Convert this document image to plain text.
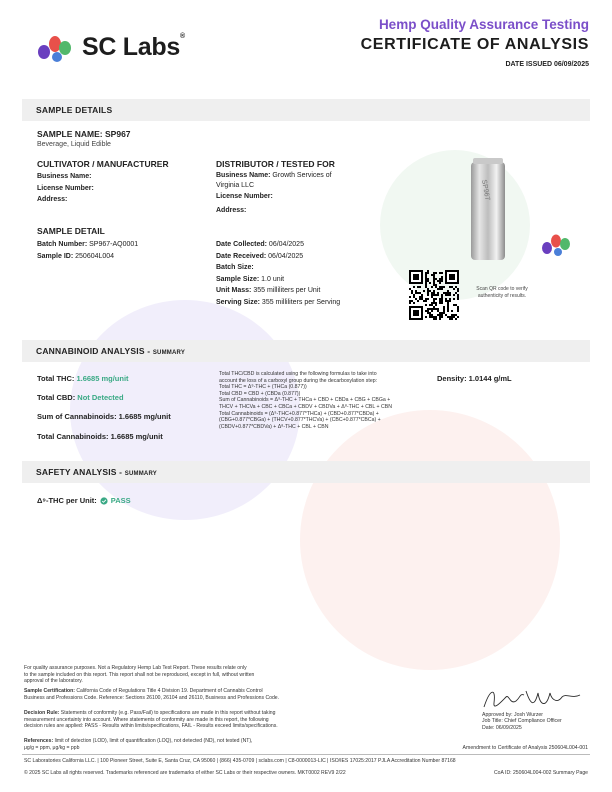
SC Labs®
Hemp Quality Assurance Testing
CERTIFICATE OF ANALYSIS
DATE ISSUED 06/09/2025
SAMPLE DETAILS
SAMPLE NAME: SP967
Beverage, Liquid Edible
CULTIVATOR / MANUFACTURER
Business Name:
License Number:
Address:
DISTRIBUTOR / TESTED FOR
Business Name: Growth Services of
Virginia LLC
License Number:
Address:
SAMPLE DETAIL
Batch Number: SP967-AQ0001
Sample ID: 250604L004
Date Collected: 06/04/2025
Date Received: 06/04/2025
Batch Size:
Sample Size: 1.0 unit
Unit Mass: 355 milliliters per Unit
Serving Size: 355 milliliters per Serving
SP967
Scan QR code to verify
authenticity of results.
CANNABINOID ANALYSIS - SUMMARY
Total THC: 1.6685 mg/unit
Total CBD: Not Detected
Sum of Cannabinoids: 1.6685 mg/unit
Total Cannabinoids: 1.6685 mg/unit
Total THC/CBD is calculated using the following formulas to take into
account the loss of a carboxyl group during the decarboxylation step:
Total THC = Δ⁹-THC + (THCa (0.877))
Total CBD = CBD + (CBDa (0.877))
Sum of Cannabinoids = Δ⁹-THC + THCa + CBD + CBDa + CBG + CBGa +
THCV + THCVa + CBC + CBCa + CBDV + CBDVa + Δ⁸-THC + CBL + CBN
Total Cannabinoids = (Δ⁹-THC+0.877*THCa) + (CBD+0.877*CBDa) +
(CBG+0.877*CBGa) + (THCV+0.877*THCVa) + (CBC+0.877*CBCa) +
(CBDV+0.877*CBDVa) + Δ⁸-THC + CBL + CBN
Density: 1.0144 g/mL
SAFETY ANALYSIS - SUMMARY
Δ⁹-THC per Unit: PASS
For quality assurance purposes. Not a Regulatory Hemp Lab Test Report. These results relate only
to the sample included on this report. This report shall not be reproduced, except in full, without written
approval of the laboratory.
Sample Certification: California Code of Regulations Title 4 Division 19. Department of Cannabis Control
Business and Professions Code. Reference: Sections 26100, 26104 and 26110, Business and Professions Code.
Decision Rule: Statements of conformity (e.g. Pass/Fail) to specifications are made in this report without taking
measurement uncertainty into account. Where statements of conformity are made in this report, the following
decision rules are applied: PASS - Results within limits/specifications, FAIL - Results exceed limits/specifications.
References: limit of detection (LOD), limit of quantification (LOQ), not detected (ND), not tested (NT),
μg/g = ppm, μg/kg = ppb
Approved by: Josh Wurzer
Job Title: Chief Compliance Officer
Date: 06/09/2025
Amendment to Certificate of Analysis 250604L004-001
SC Laboratories California LLC. | 100 Pioneer Street, Suite E, Santa Cruz, CA 95060 | (866) 435-0709 | sclabs.com | C8-0000013-LIC | ISO/IES 17025:2017 PJLA Accreditation Number 87168
© 2025 SC Labs all rights reserved. Trademarks referenced are trademarks of either SC Labs or their respective owners. MKT0002 REV9 2/22	CoA ID: 250604L004-002 Summary Page
